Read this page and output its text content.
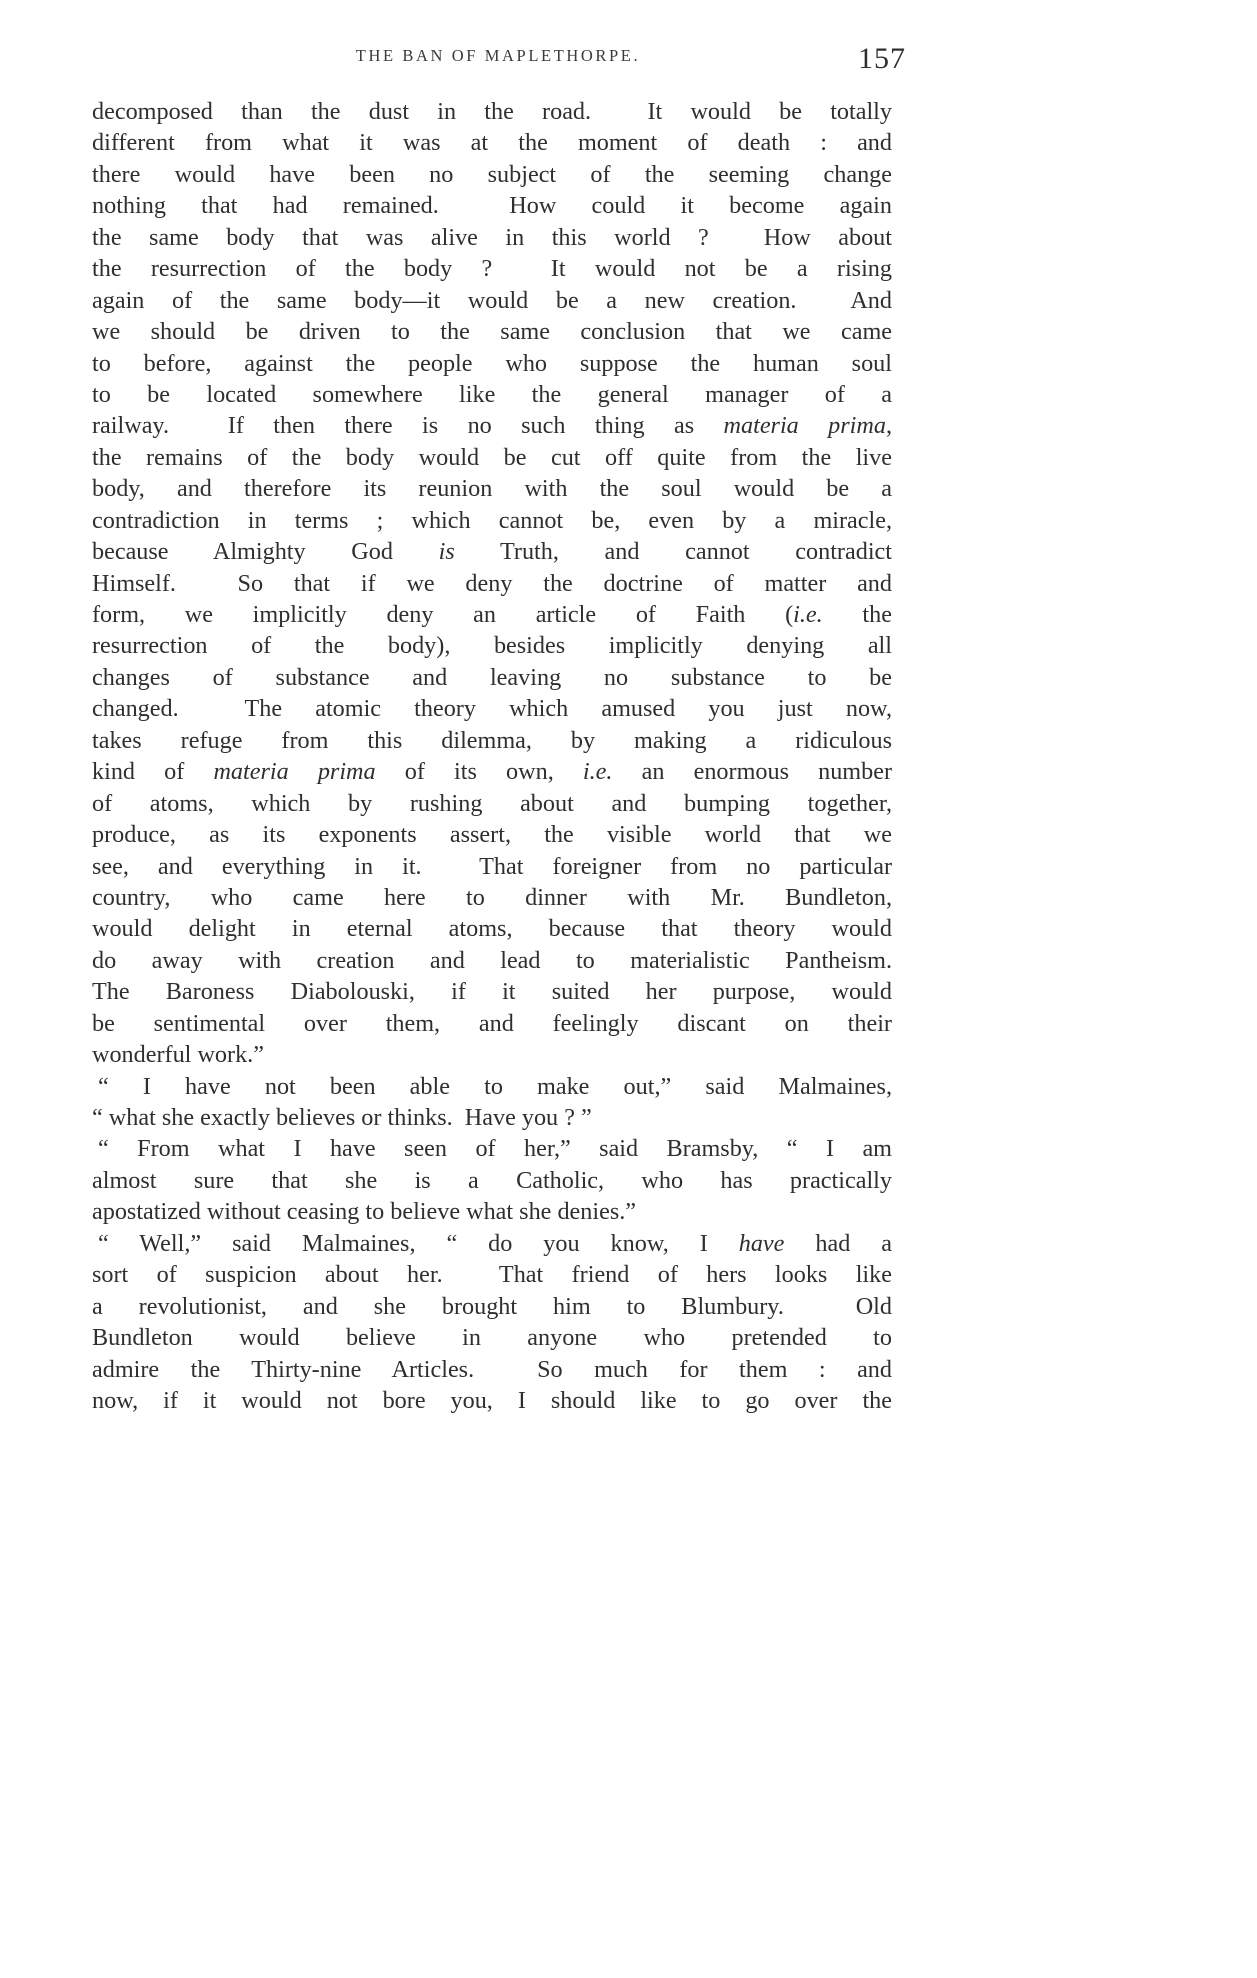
THE BAN OF MAPLETHORPE.	157
decomposed than the dust in the road.  It would be totally
different from what it was at the moment of death : and
there would have been no subject of the seeming change
nothing that had remained.  How could it become again
the same body that was alive in this world ?  How about
the resurrection of the body ?  It would not be a rising
again of the same body—it would be a new creation.  And
we should be driven to the same conclusion that we came
to before, against the people who suppose the human soul
to be located somewhere like the general manager of a
railway.  If then there is no such thing as materia prima,
the remains of the body would be cut off quite from the live
body, and therefore its reunion with the soul would be a
contradiction in terms ; which cannot be, even by a miracle,
because Almighty God is Truth, and cannot contradict
Himself.  So that if we deny the doctrine of matter and
form, we implicitly deny an article of Faith (i.e. the
resurrection of the body), besides implicitly denying all
changes of substance and leaving no substance to be
changed.  The atomic theory which amused you just now,
takes refuge from this dilemma, by making a ridiculous
kind of materia prima of its own, i.e. an enormous number
of atoms, which by rushing about and bumping together,
produce, as its exponents assert, the visible world that we
see, and everything in it.  That foreigner from no particular
country, who came here to dinner with Mr. Bundleton,
would delight in eternal atoms, because that theory would
do away with creation and lead to materialistic Pantheism.
The Baroness Diabolouski, if it suited her purpose, would
be sentimental over them, and feelingly discant on their
wonderful work.”
“ I have not been able to make out,” said Malmaines,
“ what she exactly believes or thinks.  Have you ? ”
“ From what I have seen of her,” said Bramsby, “ I am
almost sure that she is a Catholic, who has practically
apostatized without ceasing to believe what she denies.”
“ Well,” said Malmaines, “ do you know, I have had a
sort of suspicion about her.  That friend of hers looks like
a revolutionist, and she brought him to Blumbury.  Old
Bundleton would believe in anyone who pretended to
admire the Thirty-nine Articles.  So much for them : and
now, if it would not bore you, I should like to go over the
